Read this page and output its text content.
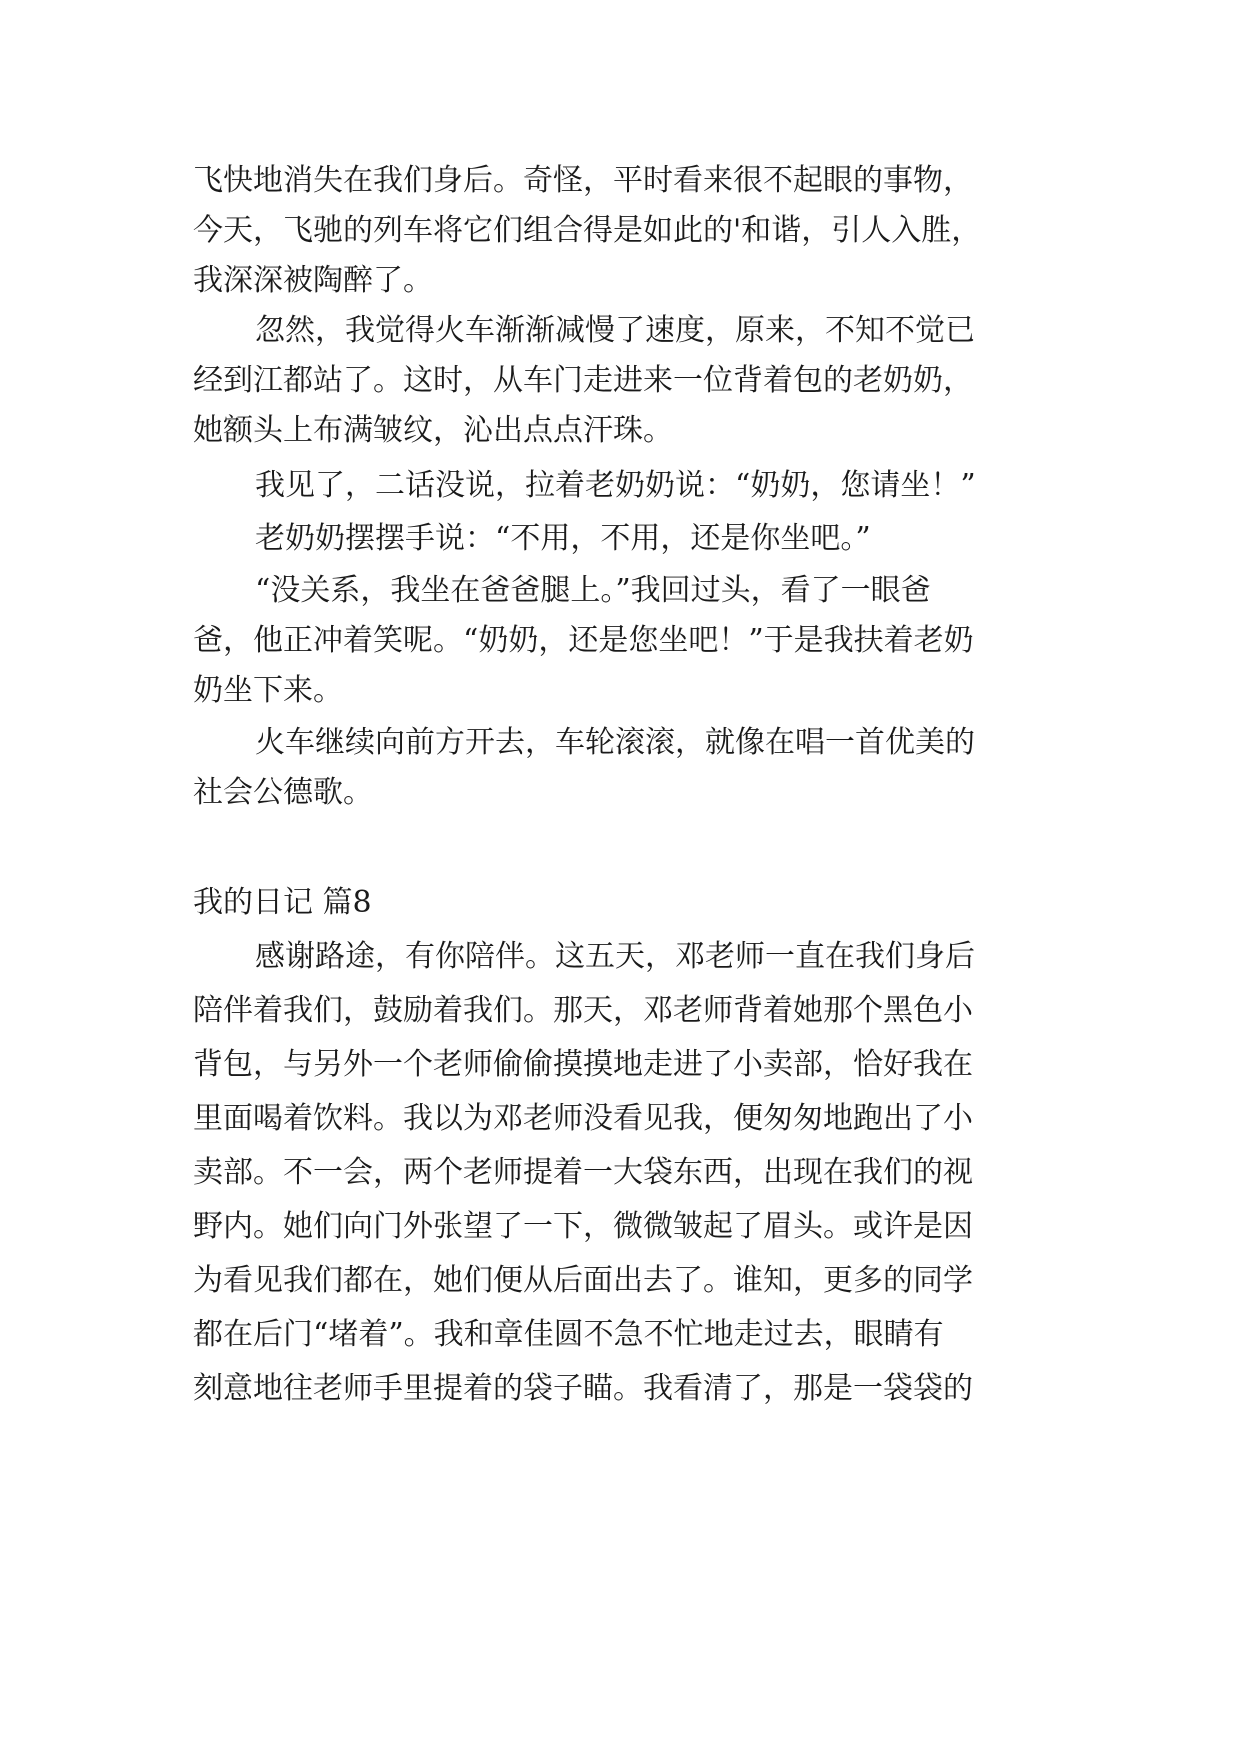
飞快地消失在我们身后。奇怪，平时看来很不起眼的事物，
今天，飞驰的列车将它们组合得是如此的'和谐，引人入胜，
我深深被陶醉了。
忽然，我觉得火车渐渐减慢了速度，原来，不知不觉已
经到江都站了。这时，从车门走进来一位背着包的老奶奶，
她额头上布满皱纹，沁出点点汗珠。
我见了，二话没说，拉着老奶奶说：“奶奶，您请坐！”
老奶奶摆摆手说：“不用，不用，还是你坐吧。”
“没关系，我坐在爸爸腿上。”我回过头，看了一眼爸
爸，他正冲着笑呢。“奶奶，还是您坐吧！”于是我扶着老奶
奶坐下来。
火车继续向前方开去，车轮滚滚，就像在唱一首优美的
社会公德歌。
我的日记 篇8
感谢路途，有你陪伴。这五天，邓老师一直在我们身后
陪伴着我们，鼓励着我们。那天，邓老师背着她那个黑色小
背包，与另外一个老师偷偷摸摸地走进了小卖部，恰好我在
里面喝着饮料。我以为邓老师没看见我，便匆匆地跑出了小
卖部。不一会，两个老师提着一大袋东西，出现在我们的视
野内。她们向门外张望了一下，微微皱起了眉头。或许是因
为看见我们都在，她们便从后面出去了。谁知，更多的同学
都在后门“堵着”。我和章佳圆不急不忙地走过去，眼睛有
刻意地往老师手里提着的袋子瞄。我看清了，那是一袋袋的
